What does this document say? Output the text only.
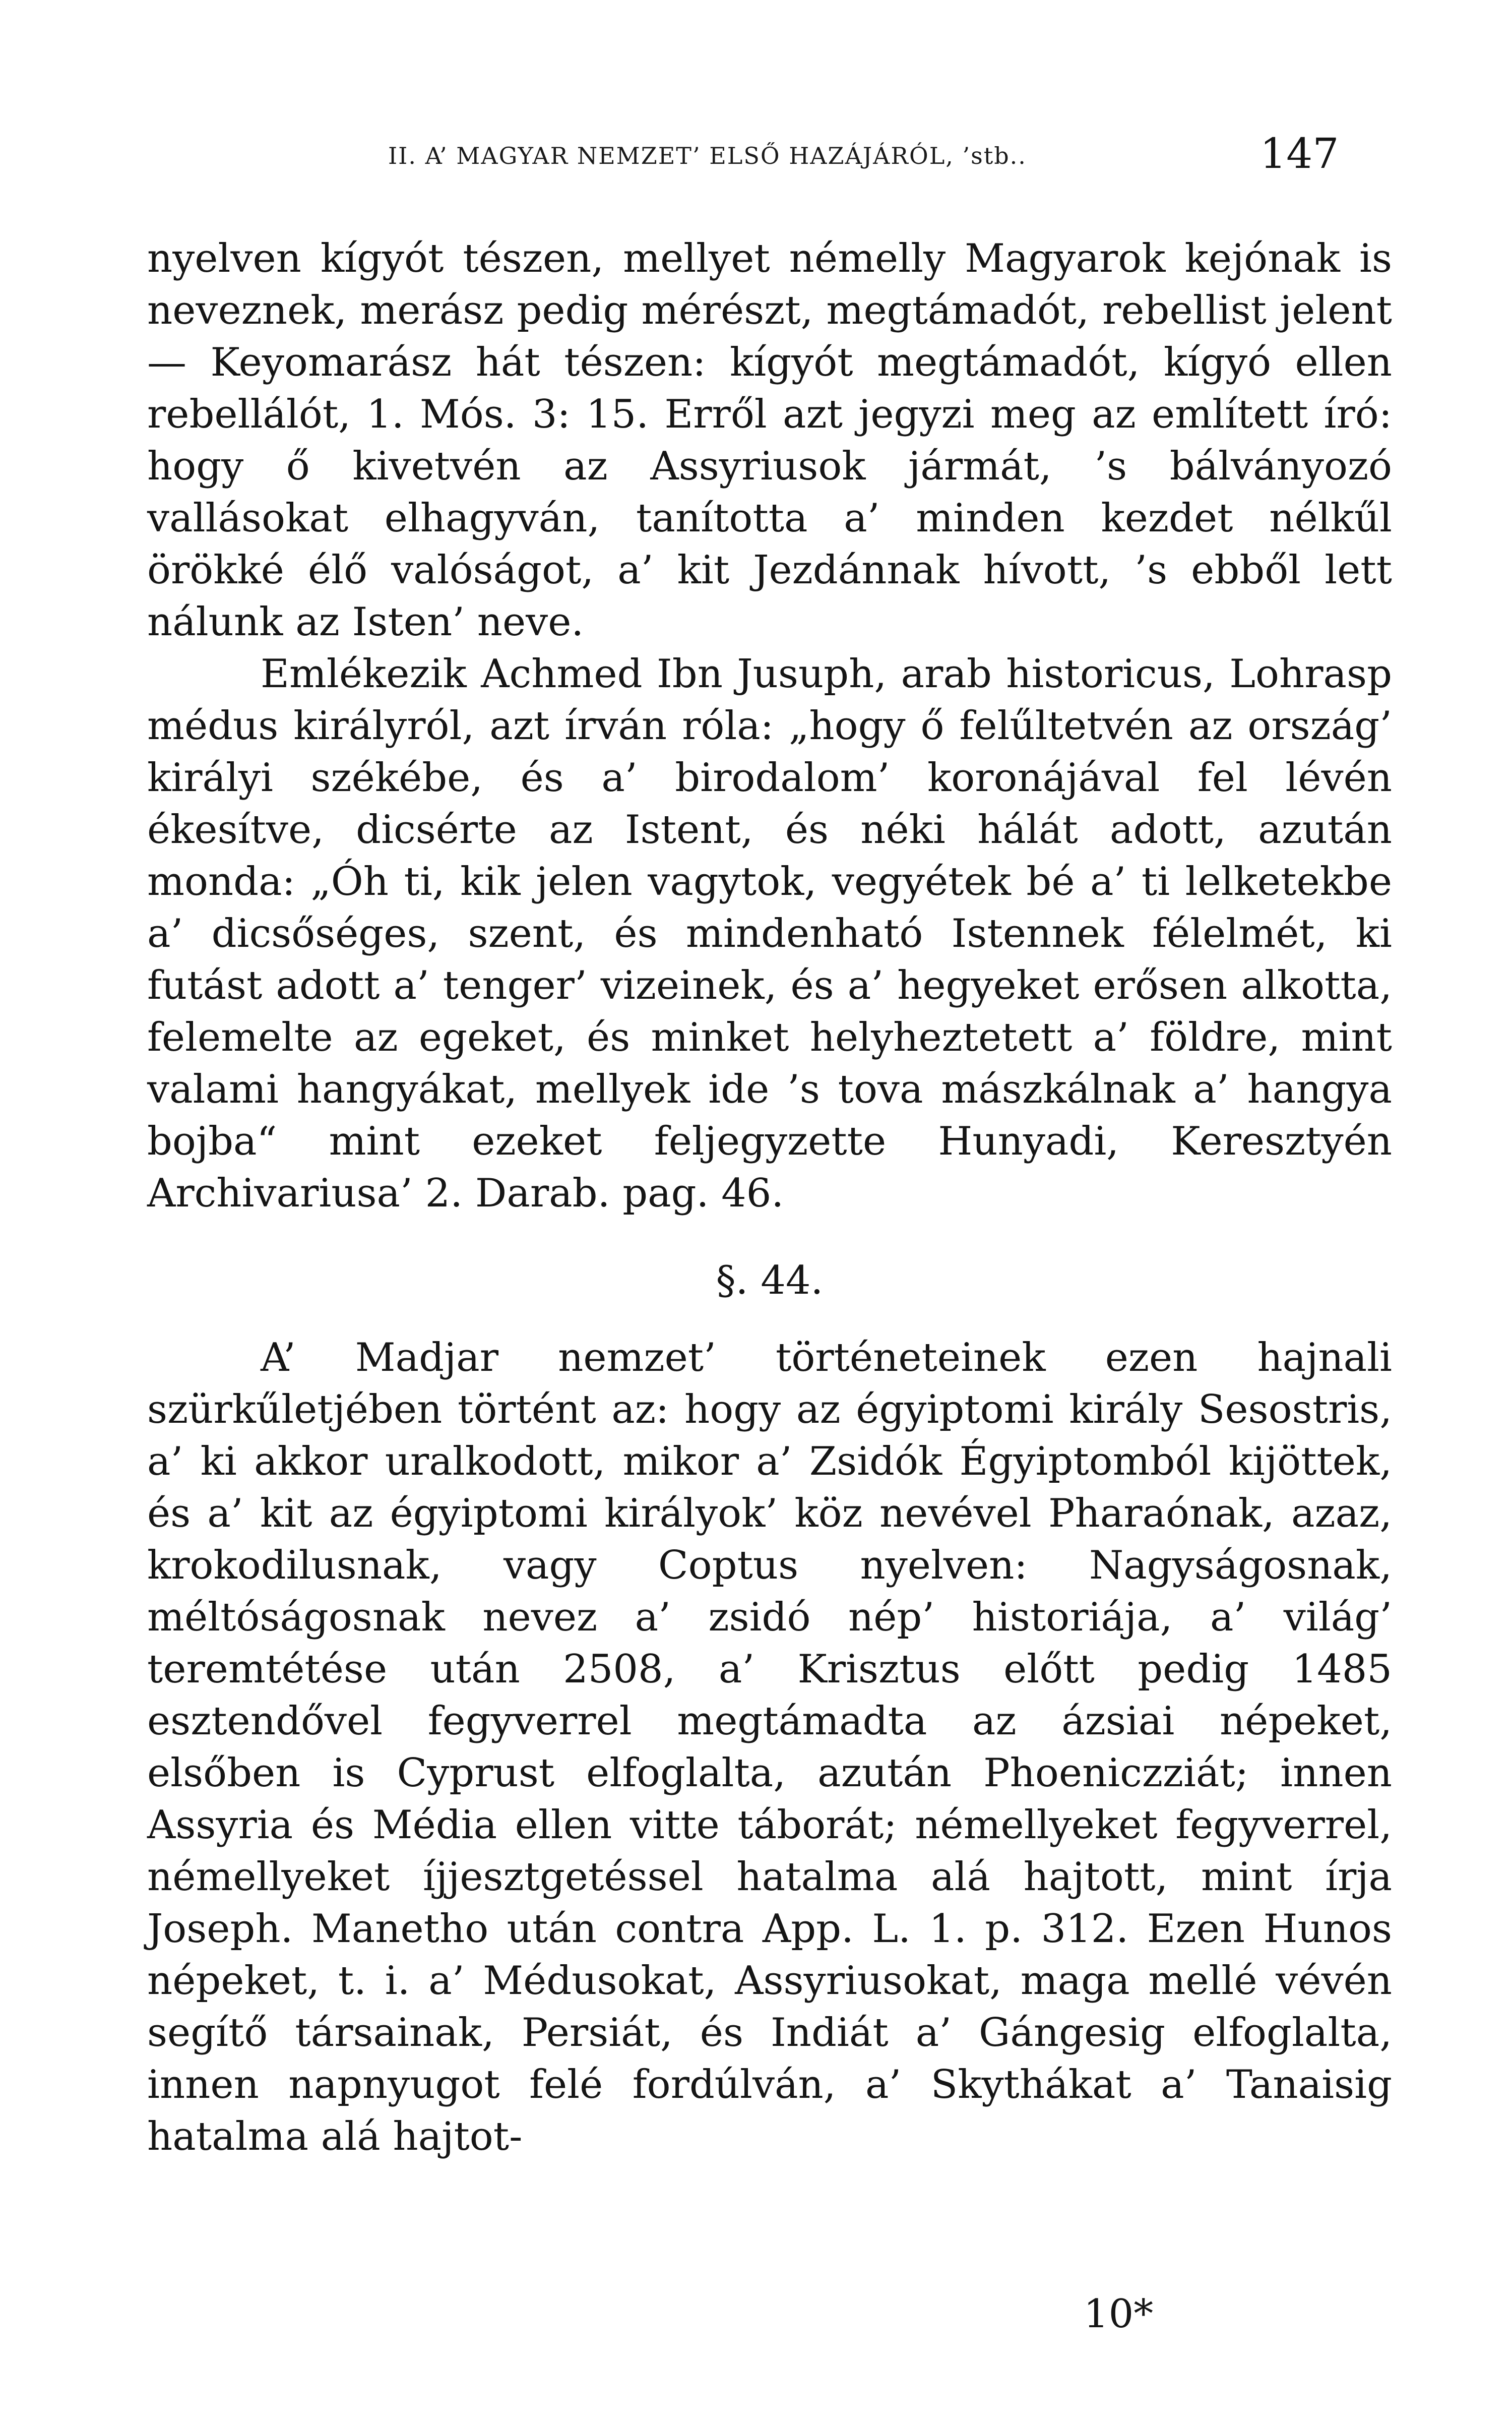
II. A’ MAGYAR NEMZET’ ELSŐ HAZÁJÁRÓL, ’stb..	147

nyelven kígyót tészen, mellyet némelly Magyarok kejónak is neveznek, merász pedig mérészt, megtámadót, rebellist jelent — Keyomarász hát tészen: kígyót megtámadót, kígyó ellen rebellálót, 1. Mós. 3: 15. Erről azt jegyzi meg az említett író: hogy ő kivetvén az Assyriusok jármát, ’s bálványozó vallásokat elhagyván, tanította a’ minden kezdet nélkűl örökké élő valóságot, a’ kit Jezdánnak hívott, ’s ebből lett nálunk az Isten’ neve.

Emlékezik Achmed Ibn Jusuph, arab historicus, Lohrasp médus királyról, azt írván róla: „hogy ő felűltetvén az ország’ királyi székébe, és a’ birodalom’ koronájával fel lévén ékesítve, dicsérte az Istent, és néki hálát adott, azután monda: „Óh ti, kik jelen vagytok, vegyétek bé a’ ti lelketekbe a’ dicsőséges, szent, és mindenható Istennek félelmét, ki futást adott a’ tenger’ vizeinek, és a’ hegyeket erősen alkotta, felemelte az egeket, és minket helyheztetett a’ földre, mint valami hangyákat, mellyek ide ’s tova mászkálnak a’ hangya bojba“ mint ezeket feljegyzette Hunyadi, Keresztyén Archivariusa’ 2. Darab. pag. 46.

§. 44.

A’ Madjar nemzet’ történeteinek ezen hajnali szürkűletjében történt az: hogy az égyiptomi király Sesostris, a’ ki akkor uralkodott, mikor a’ Zsidók Égyiptomból kijöttek, és a’ kit az égyiptomi királyok’ köz nevével Pharaónak, azaz, krokodilusnak, vagy Coptus nyelven: Nagyságosnak, méltóságosnak nevez a’ zsidó nép’ historiája, a’ világ’ teremtétése után 2508, a’ Krisztus előtt pedig 1485 esztendővel fegyverrel megtámadta az ázsiai népeket, elsőben is Cyprust elfoglalta, azután Phoeniczziát; innen Assyria és Média ellen vitte táborát; némellyeket fegyverrel, némellyeket íjjesztgetéssel hatalma alá hajtott, mint írja Joseph. Manetho után contra App. L. 1. p. 312. Ezen Hunos népeket, t. i. a’ Médusokat, Assyriusokat, maga mellé vévén segítő társainak, Persiát, és Indiát a’ Gángesig elfoglalta, innen napnyugot felé fordúlván, a’ Skythákat a’ Tanaisig hatalma alá hajtot-

10*
